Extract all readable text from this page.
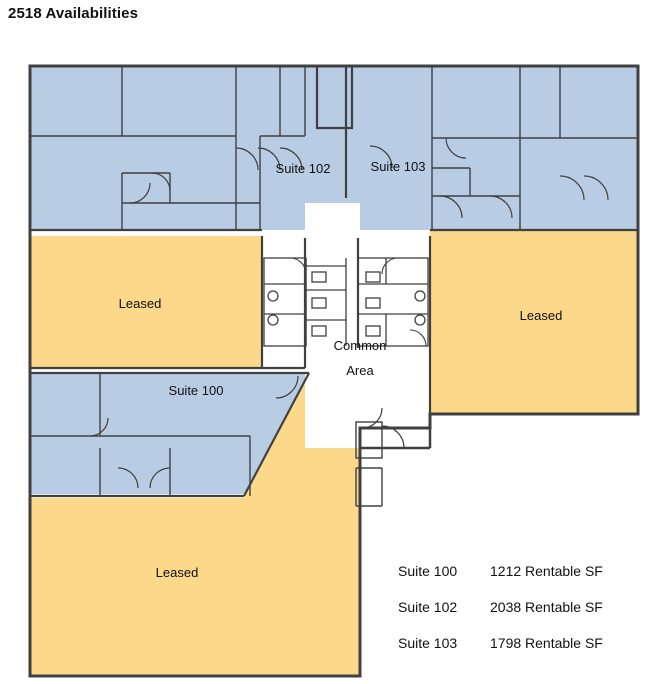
2518 Availabilities
Suite 102	Suite 103
Leased
Leased
Suite 100
Common
Area
Leased	Suite 100 1212 Rentable SF
Suite 102 2038 Rentable SF
Suite 103 1798 Rentable SF
